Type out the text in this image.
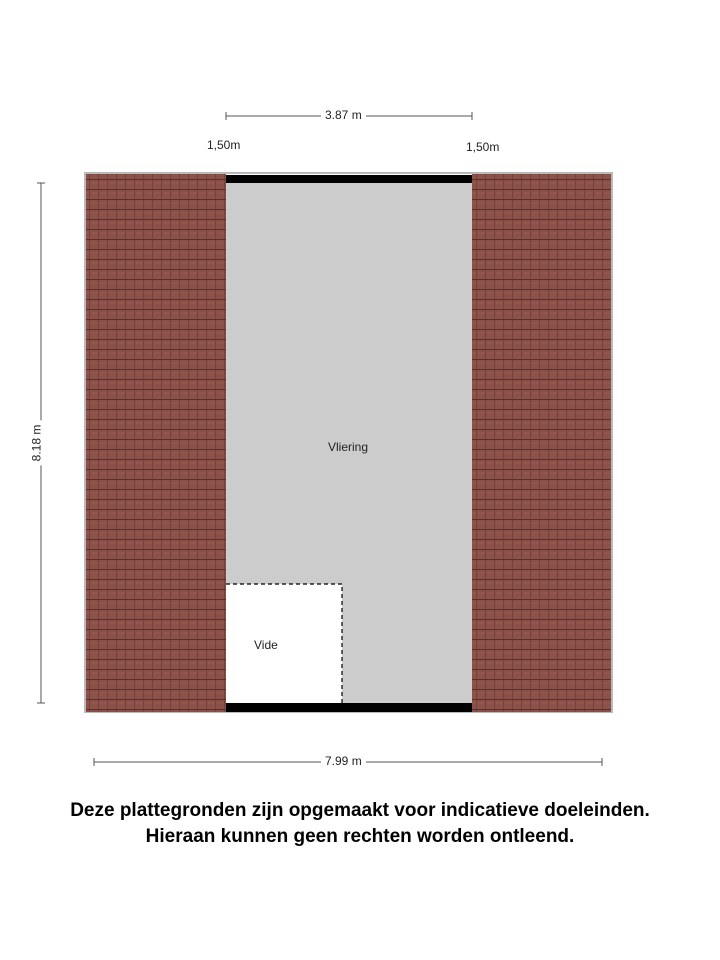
3.87 m
1,50m	1,50m
8.18 m
7.99 m
Vliering
Vide
Deze plattegronden zijn opgemaakt voor indicatieve doeleinden.
Hieraan kunnen geen rechten worden ontleend.
